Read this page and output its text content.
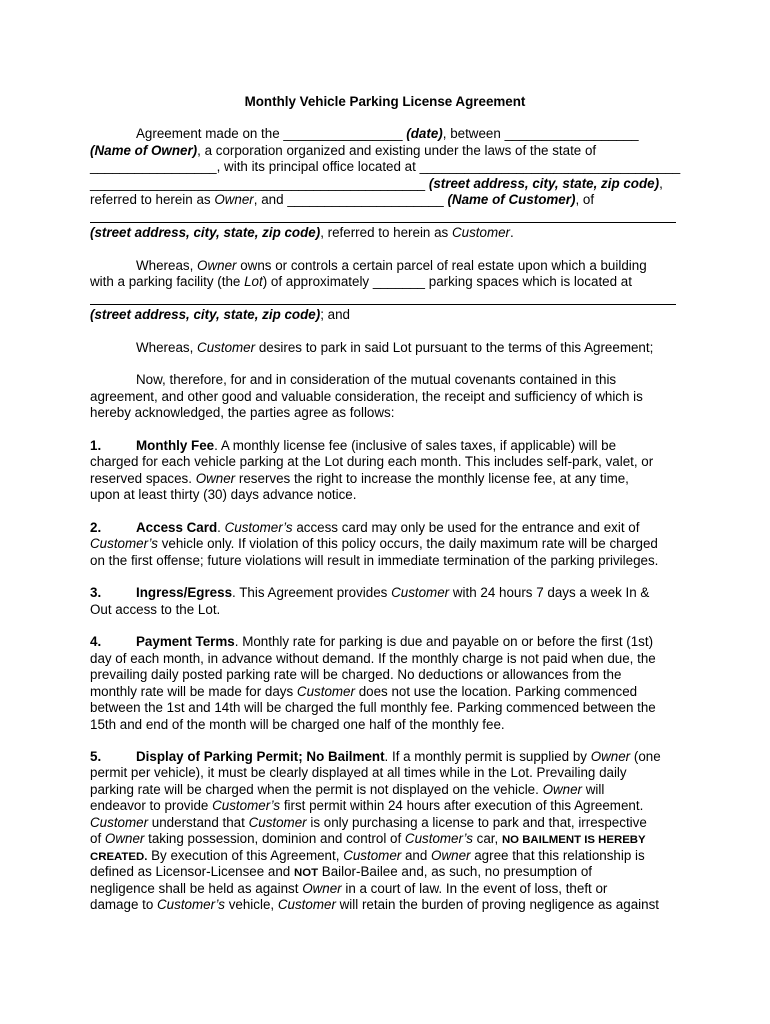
Monthly Vehicle Parking License Agreement
Agreement made on the ________________ (date), between __________________
(Name of Owner), a corporation organized and existing under the laws of the state of
_________________, with its principal office located at ___________________________________
_____________________________________________ (street address, city, state, zip code),
referred to herein as Owner, and _____________________ (Name of Customer), of
(street address, city, state, zip code), referred to herein as Customer.
Whereas, Owner owns or controls a certain parcel of real estate upon which a building
with a parking facility (the Lot) of approximately _______ parking spaces which is located at
(street address, city, state, zip code); and
Whereas, Customer desires to park in said Lot pursuant to the terms of this Agreement;
Now, therefore, for and in consideration of the mutual covenants contained in this
agreement, and other good and valuable consideration, the receipt and sufficiency of which is
hereby acknowledged, the parties agree as follows:
1.	Monthly Fee. A monthly license fee (inclusive of sales taxes, if applicable) will be
charged for each vehicle parking at the Lot during each month. This includes self-park, valet, or
reserved spaces. Owner reserves the right to increase the monthly license fee, at any time,
upon at least thirty (30) days advance notice.
2.	Access Card. Customer’s access card may only be used for the entrance and exit of
Customer’s vehicle only. If violation of this policy occurs, the daily maximum rate will be charged
on the first offense; future violations will result in immediate termination of the parking privileges.
3.	Ingress/Egress. This Agreement provides Customer with 24 hours 7 days a week In &
Out access to the Lot.
4.	Payment Terms. Monthly rate for parking is due and payable on or before the first (1st)
day of each month, in advance without demand. If the monthly charge is not paid when due, the
prevailing daily posted parking rate will be charged. No deductions or allowances from the
monthly rate will be made for days Customer does not use the location. Parking commenced
between the 1st and 14th will be charged the full monthly fee. Parking commenced between the
15th and end of the month will be charged one half of the monthly fee.
5.	Display of Parking Permit; No Bailment. If a monthly permit is supplied by Owner (one
permit per vehicle), it must be clearly displayed at all times while in the Lot. Prevailing daily
parking rate will be charged when the permit is not displayed on the vehicle. Owner will
endeavor to provide Customer’s first permit within 24 hours after execution of this Agreement.
Customer understand that Customer is only purchasing a license to park and that, irrespective
of Owner taking possession, dominion and control of Customer’s car, NO BAILMENT IS HEREBY
CREATED. By execution of this Agreement, Customer and Owner agree that this relationship is
defined as Licensor-Licensee and NOT Bailor-Bailee and, as such, no presumption of
negligence shall be held as against Owner in a court of law. In the event of loss, theft or
damage to Customer’s vehicle, Customer will retain the burden of proving negligence as against
